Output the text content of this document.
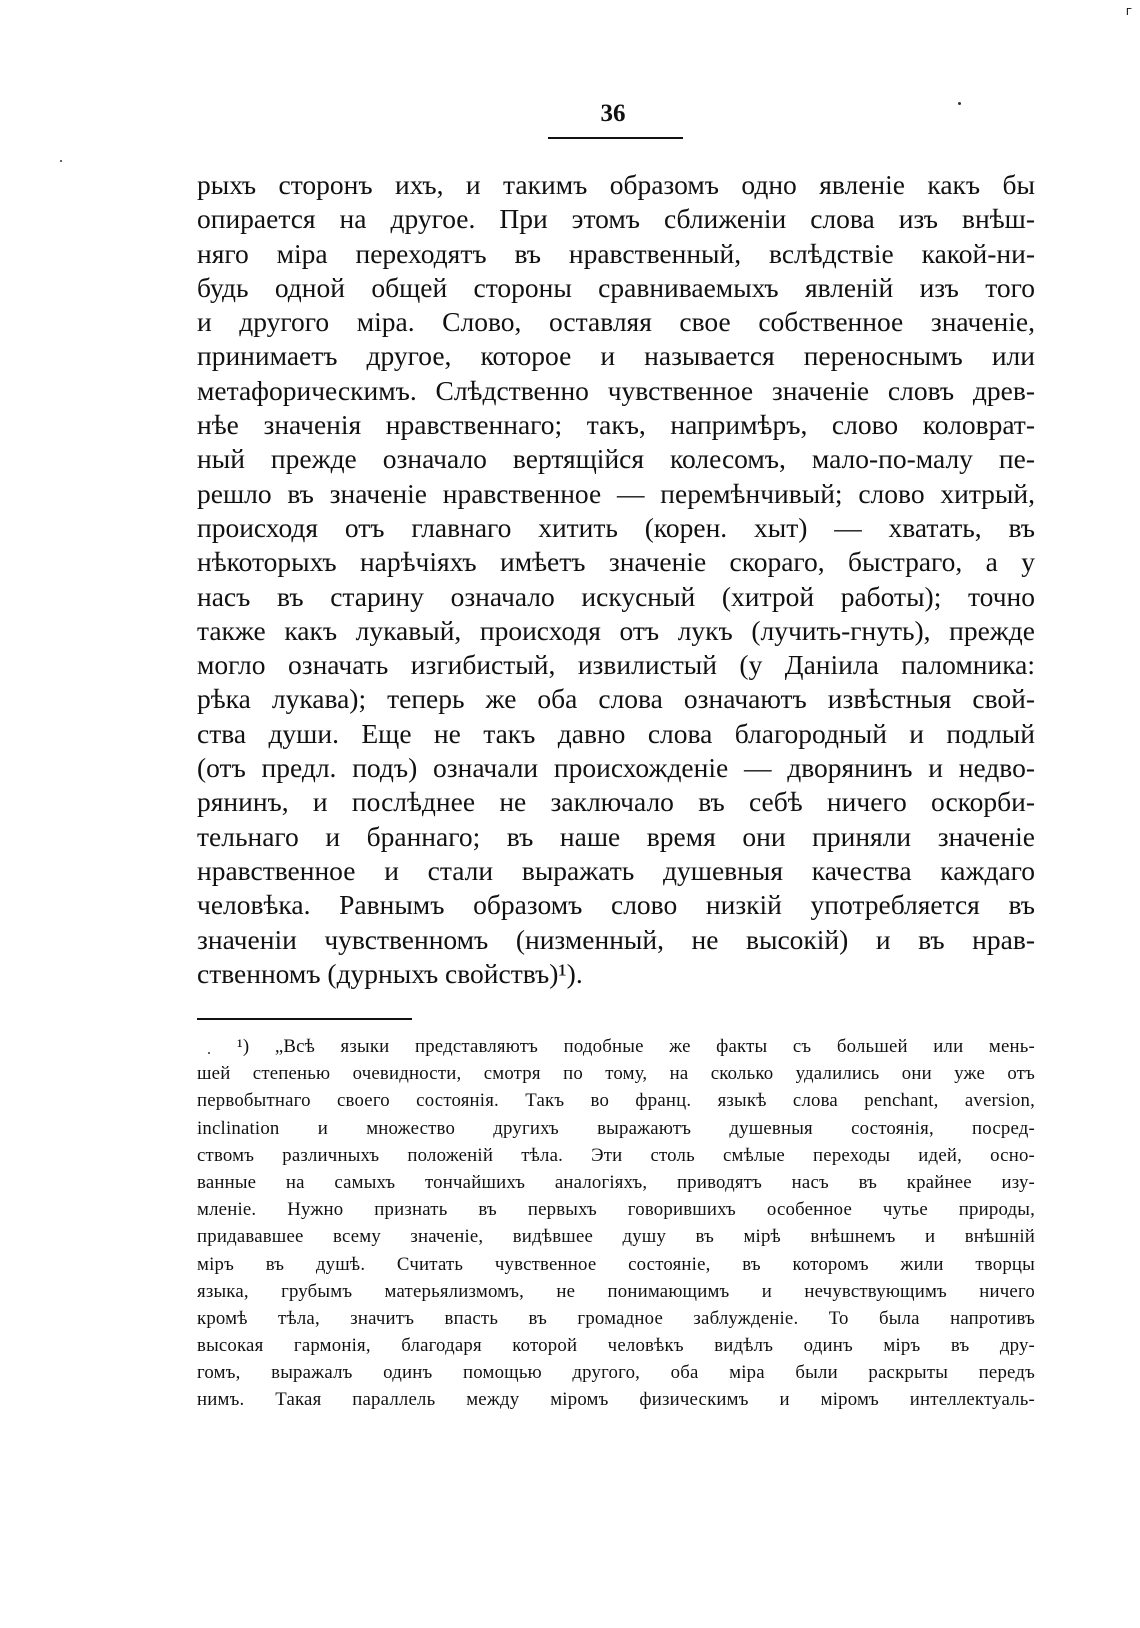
г
36
рыхъ сторонъ ихъ, и такимъ образомъ одно явленіе какъ бы
опирается на другое. При этомъ сближеніи слова изъ внѣш-
няго міра переходятъ въ нравственный, вслѣдствіе какой-ни-
будь одной общей стороны сравниваемыхъ явленій изъ того
и другого міра. Слово, оставляя свое собственное значеніе,
принимаетъ другое, которое и называется переноснымъ или
метафорическимъ. Слѣдственно чувственное значеніе словъ древ-
нѣе значенія нравственнаго; такъ, напримѣръ, слово коловрат-
ный прежде означало вертящійся колесомъ, мало-по-малу пе-
решло въ значеніе нравственное — перемѣнчивый; слово хитрый,
происходя отъ главнаго хитить (корен. хыт) — хватать, въ
нѣкоторыхъ нарѣчіяхъ имѣетъ значеніе скораго, быстраго, а у
насъ въ старину означало искусный (хитрой работы); точно
также какъ лукавый, происходя отъ лукъ (лучить-гнуть), прежде
могло означать изгибистый, извилистый (у Даніила паломника:
рѣка лукава); теперь же оба слова означаютъ извѣстныя свой-
ства души. Еще не такъ давно слова благородный и подлый
(отъ предл. подъ) означали происхожденіе — дворянинъ и недво-
рянинъ, и послѣднее не заключало въ себѣ ничего оскорби-
тельнаго и браннаго; въ наше время они приняли значеніе
нравственное и стали выражать душевныя качества каждаго
человѣка. Равнымъ образомъ слово низкій употребляется въ
значеніи чувственномъ (низменный, не высокій) и въ нрав-
ственномъ (дурныхъ свойствъ)¹).
¹) „Всѣ языки представляютъ подобные же факты съ большей или мень-
шей степенью очевидности, смотря по тому, на сколько удалились они уже отъ
первобытнаго своего состоянія. Такъ во франц. языкѣ слова penchant, aversion,
inclination и множество другихъ выражаютъ душевныя состоянія, посред-
ствомъ различныхъ положеній тѣла. Эти столь смѣлые переходы идей, осно-
ванные на самыхъ тончайшихъ аналогіяхъ, приводятъ насъ въ крайнее изу-
мленіе. Нужно признать въ первыхъ говорившихъ особенное чутье природы,
придававшее всему значеніе, видѣвшее душу въ мірѣ внѣшнемъ и внѣшній
міръ въ душѣ. Считать чувственное состояніе, въ которомъ жили творцы
языка, грубымъ матерьялизмомъ, не понимающимъ и нечувствующимъ ничего
кромѣ тѣла, значитъ впасть въ громадное заблужденіе. То была напротивъ
высокая гармонія, благодаря которой человѣкъ видѣлъ одинъ міръ въ дру-
гомъ, выражалъ одинъ помощью другого, оба міра были раскрыты передъ
нимъ. Такая параллель между міромъ физическимъ и міромъ интеллектуаль-
